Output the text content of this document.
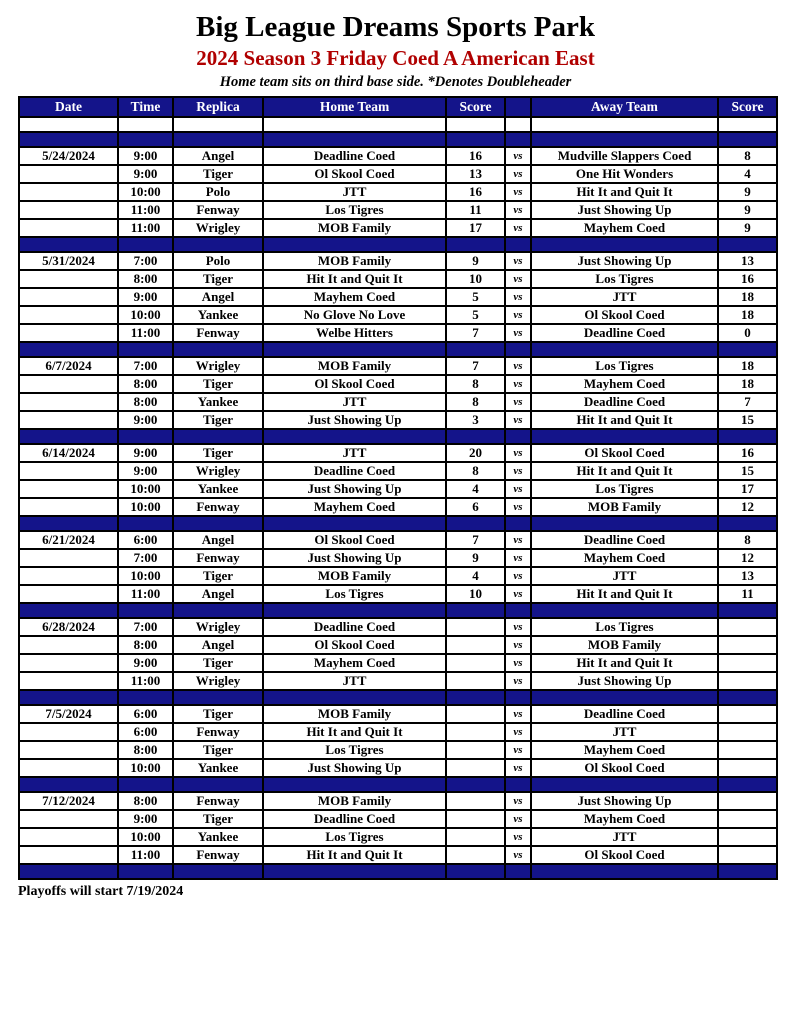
Big League Dreams Sports Park
2024 Season 3 Friday Coed A American East
Home team sits on third base side. *Denotes Doubleheader
Date	Time	Replica	Home Team	Score		Away Team	Score

5/24/2024	9:00	Angel	Deadline Coed	16	vs	Mudville Slappers Coed	8
	9:00	Tiger	Ol Skool Coed	13	vs	One Hit Wonders	4
	10:00	Polo	JTT	16	vs	Hit It and Quit It	9
	11:00	Fenway	Los Tigres	11	vs	Just Showing Up	9
	11:00	Wrigley	MOB Family	17	vs	Mayhem Coed	9

5/31/2024	7:00	Polo	MOB Family	9	vs	Just Showing Up	13
	8:00	Tiger	Hit It and Quit It	10	vs	Los Tigres	16
	9:00	Angel	Mayhem Coed	5	vs	JTT	18
	10:00	Yankee	No Glove No Love	5	vs	Ol Skool Coed	18
	11:00	Fenway	Welbe Hitters	7	vs	Deadline Coed	0

6/7/2024	7:00	Wrigley	MOB Family	7	vs	Los Tigres	18
	8:00	Tiger	Ol Skool Coed	8	vs	Mayhem Coed	18
	8:00	Yankee	JTT	8	vs	Deadline Coed	7
	9:00	Tiger	Just Showing Up	3	vs	Hit It and Quit It	15

6/14/2024	9:00	Tiger	JTT	20	vs	Ol Skool Coed	16
	9:00	Wrigley	Deadline Coed	8	vs	Hit It and Quit It	15
	10:00	Yankee	Just Showing Up	4	vs	Los Tigres	17
	10:00	Fenway	Mayhem Coed	6	vs	MOB Family	12

6/21/2024	6:00	Angel	Ol Skool Coed	7	vs	Deadline Coed	8
	7:00	Fenway	Just Showing Up	9	vs	Mayhem Coed	12
	10:00	Tiger	MOB Family	4	vs	JTT	13
	11:00	Angel	Los Tigres	10	vs	Hit It and Quit It	11

6/28/2024	7:00	Wrigley	Deadline Coed		vs	Los Tigres	
	8:00	Angel	Ol Skool Coed		vs	MOB Family	
	9:00	Tiger	Mayhem Coed		vs	Hit It and Quit It	
	11:00	Wrigley	JTT		vs	Just Showing Up	

7/5/2024	6:00	Tiger	MOB Family		vs	Deadline Coed	
	6:00	Fenway	Hit It and Quit It		vs	JTT	
	8:00	Tiger	Los Tigres		vs	Mayhem Coed	
	10:00	Yankee	Just Showing Up		vs	Ol Skool Coed	

7/12/2024	8:00	Fenway	MOB Family		vs	Just Showing Up	
	9:00	Tiger	Deadline Coed		vs	Mayhem Coed	
	10:00	Yankee	Los Tigres		vs	JTT	
	11:00	Fenway	Hit It and Quit It		vs	Ol Skool Coed	

Playoffs will start 7/19/2024
